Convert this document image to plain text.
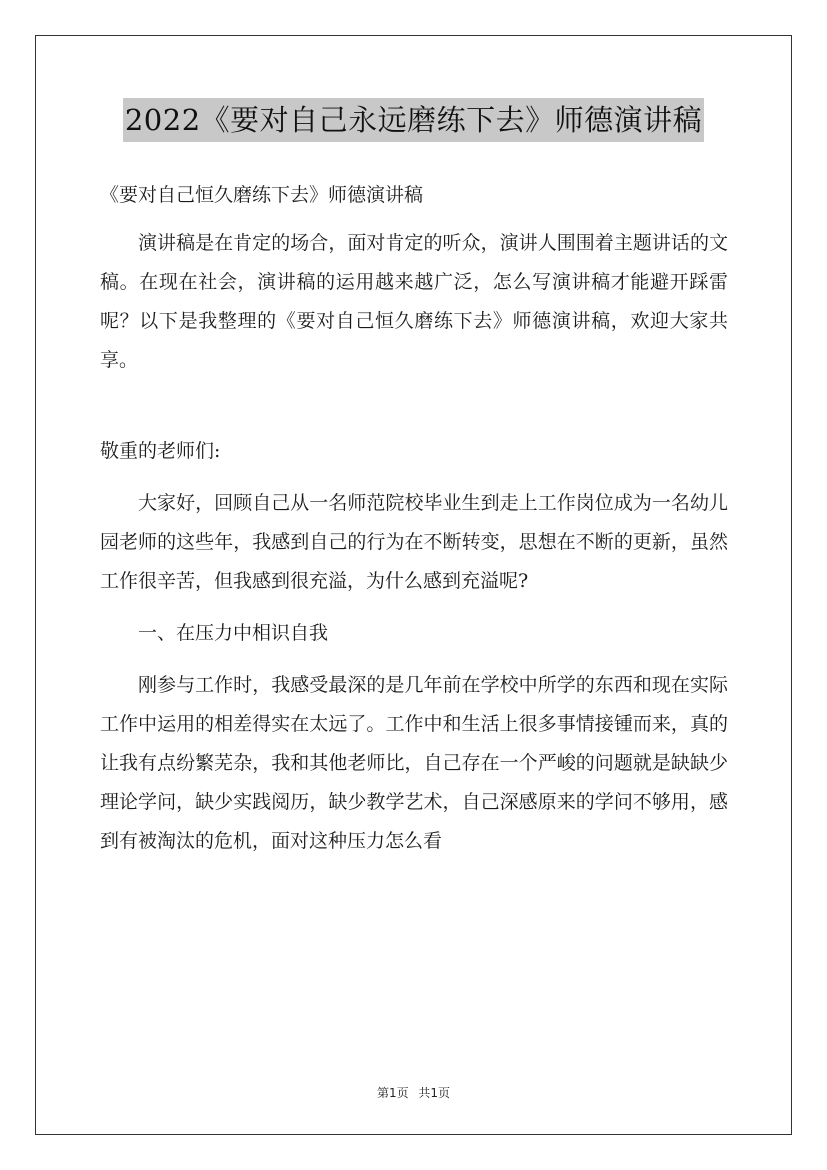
2022《要对自己永远磨练下去》师德演讲稿

《要对自己恒久磨练下去》师德演讲稿

演讲稿是在肯定的场合，面对肯定的听众，演讲人围围着主题讲话的文稿。在现在社会，演讲稿的运用越来越广泛，怎么写演讲稿才能避开踩雷呢？以下是我整理的《要对自己恒久磨练下去》师德演讲稿，欢迎大家共享。

敬重的老师们:

大家好，回顾自己从一名师范院校毕业生到走上工作岗位成为一名幼儿园老师的这些年，我感到自己的行为在不断转变，思想在不断的更新，虽然工作很辛苦，但我感到很充溢，为什么感到充溢呢?

一、在压力中相识自我

刚参与工作时，我感受最深的是几年前在学校中所学的东西和现在实际工作中运用的相差得实在太远了。工作中和生活上很多事情接锺而来，真的让我有点纷繁芜杂，我和其他老师比，自己存在一个严峻的问题就是缺缺少理论学问，缺少实践阅历，缺少教学艺术，自己深感原来的学问不够用，感到有被淘汰的危机，面对这种压力怎么看

第1页 共1页
